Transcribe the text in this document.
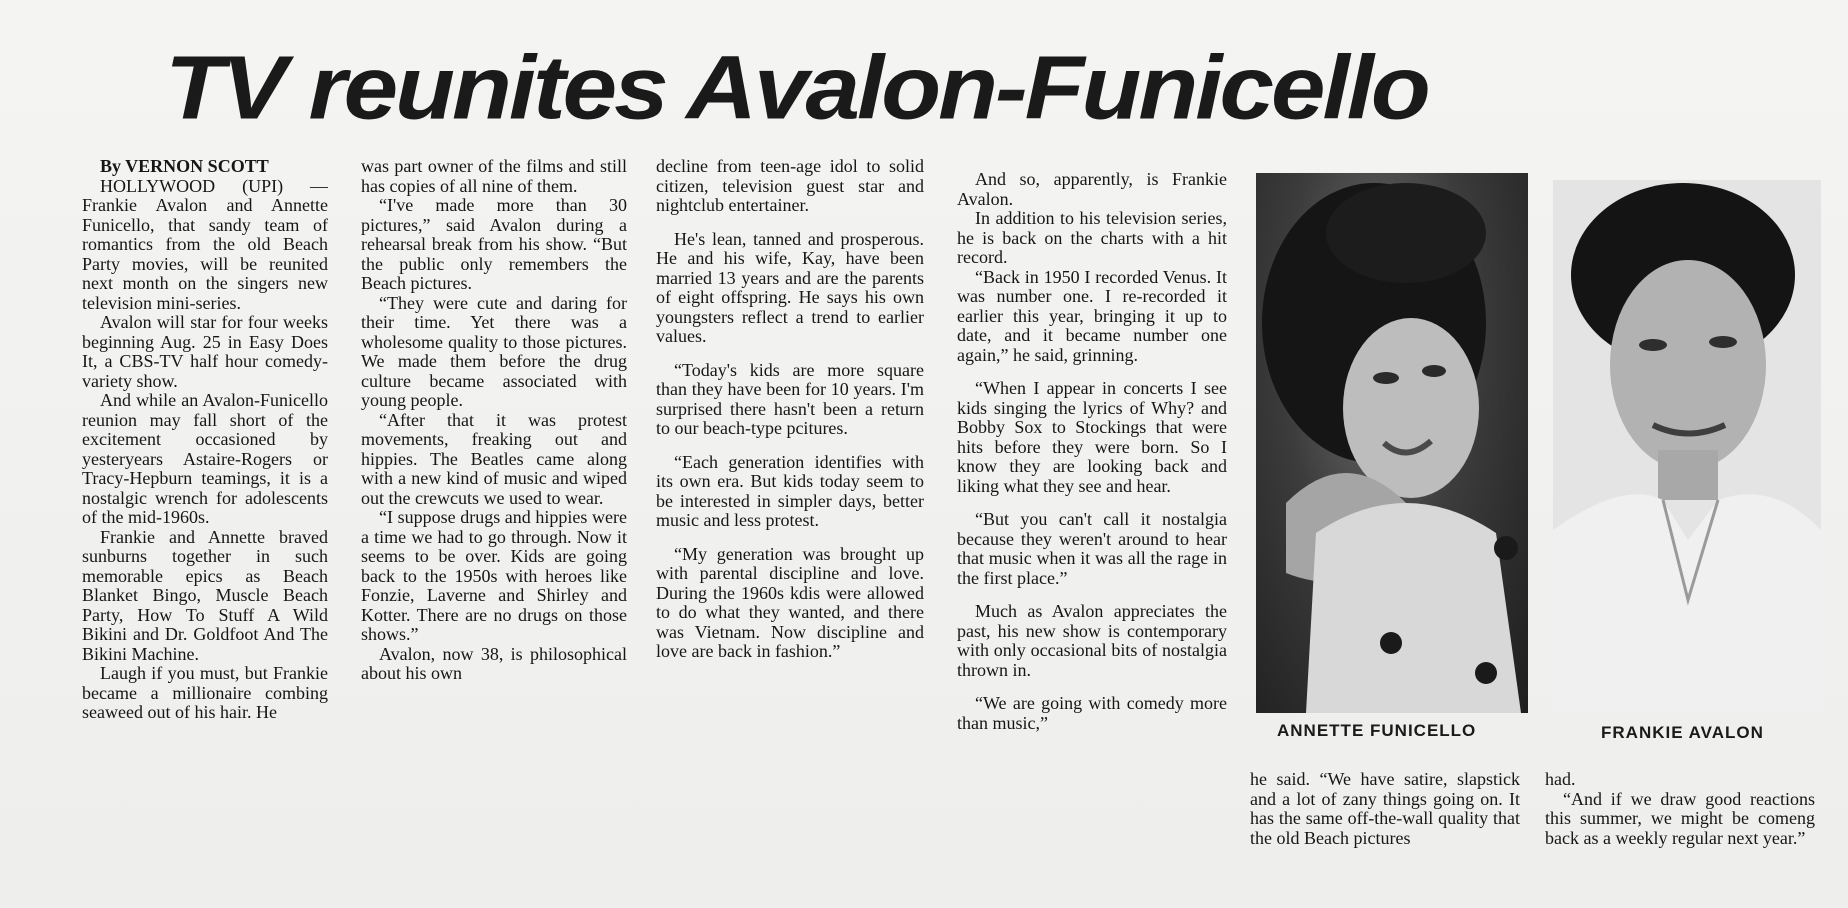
TV reunites Avalon-Funicello
By VERNON SCOTT

HOLLYWOOD (UPI) — Frankie Avalon and Annette Funicello, that sandy team of romantics from the old Beach Party movies, will be reunited next month on the singers new television mini-series.

Avalon will star for four weeks beginning Aug. 25 in Easy Does It, a CBS-TV half hour comedy-variety show.

And while an Avalon-Funicello reunion may fall short of the excitement occasioned by yesteryears Astaire-Rogers or Tracy-Hepburn teamings, it is a nostalgic wrench for adolescents of the mid-1960s.

Frankie and Annette braved sunburns together in such memorable epics as Beach Blanket Bingo, Muscle Beach Party, How To Stuff A Wild Bikini and Dr. Goldfoot And The Bikini Machine.

Laugh if you must, but Frankie became a millionaire combing seaweed out of his hair. He

was part owner of the films and still has copies of all nine of them.

“I've made more than 30 pictures,” said Avalon during a rehearsal break from his show. “But the public only remembers the Beach pictures.

“They were cute and daring for their time. Yet there was a wholesome quality to those pictures. We made them before the drug culture became associated with young people.

“After that it was protest movements, freaking out and hippies. The Beatles came along with a new kind of music and wiped out the crewcuts we used to wear.

“I suppose drugs and hippies were a time we had to go through. Now it seems to be over. Kids are going back to the 1950s with heroes like Fonzie, Laverne and Shirley and Kotter. There are no drugs on those shows.”

Avalon, now 38, is philosophical about his own

decline from teen-age idol to solid citizen, television guest star and nightclub entertainer.

He's lean, tanned and prosperous. He and his wife, Kay, have been married 13 years and are the parents of eight offspring. He says his own youngsters reflect a trend to earlier values.

“Today's kids are more square than they have been for 10 years. I'm surprised there hasn't been a return to our beach-type pcitures.

“Each generation identifies with its own era. But kids today seem to be interested in simpler days, better music and less protest.

“My generation was brought up with parental discipline and love. During the 1960s kdis were allowed to do what they wanted, and there was Vietnam. Now discipline and love are back in fashion.”

And so, apparently, is Frankie Avalon.

In addition to his television series, he is back on the charts with a hit record.

“Back in 1950 I recorded Venus. It was number one. I re-recorded it earlier this year, bringing it up to date, and it became number one again,” he said, grinning.

“When I appear in concerts I see kids singing the lyrics of Why? and Bobby Sox to Stockings that were hits before they were born. So I know they are looking back and liking what they see and hear.

“But you can't call it nostalgia because they weren't around to hear that music when it was all the rage in the first place.”

Much as Avalon appreciates the past, his new show is contemporary with only occasional bits of nostalgia thrown in.

“We are going with comedy more than music,”	ANNETTE FUNICELLO	FRANKIE AVALON

he said. “We have satire, slapstick and a lot of zany things going on. It has the same off-the-wall quality that the old Beach pictures

had.

“And if we draw good reactions this summer, we might be comeng back as a weekly regular next year.”
